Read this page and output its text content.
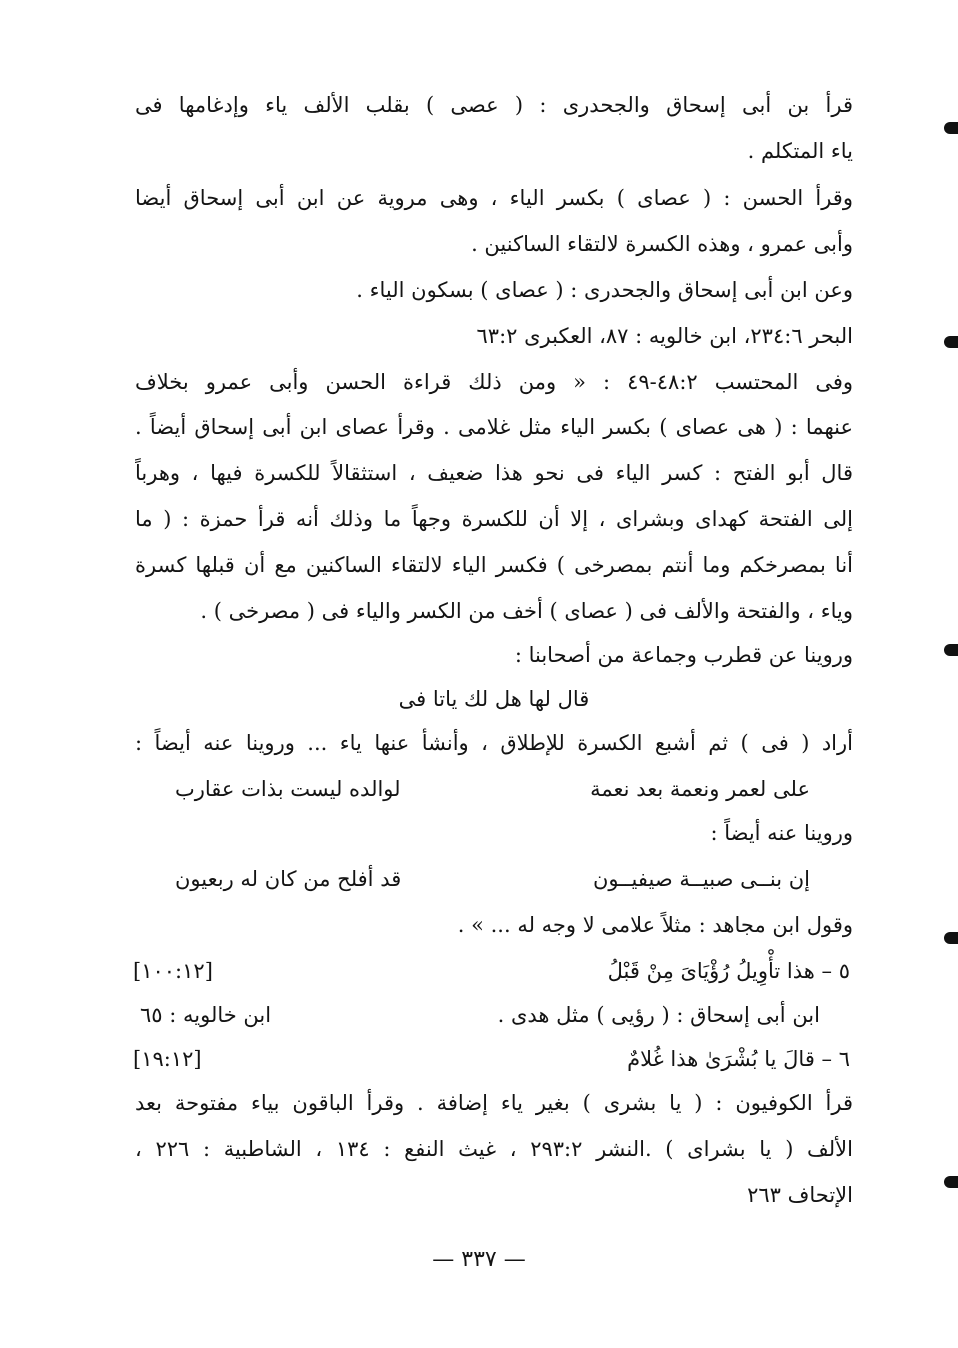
قرأ بن أبى إسحاق والجحدرى : ( عصى ) بقلب الألف ياء وإدغامها فى
ياء المتكلم .
وقرأ الحسن : ( عصاى ) بكسر الياء ، وهى مروية عن ابن أبى إسحاق أيضا
وأبى عمرو ، وهذه الكسرة لالتقاء الساكنين .
وعن ابن أبى إسحاق والجحدرى : ( عصاى ) بسكون الياء .
البحر ٢٣٤:٦، ابن خالويه : ٨٧، العكبرى ٦٣:٢
وفى المحتسب ٤٨:٢-٤٩ : « ومن ذلك قراءة الحسن وأبى عمرو بخلاف
عنهما : ( هى عصاى ) بكسر الياء مثل غلامى . وقرأ عصاى ابن أبى إسحاق أيضاً .
قال أبو الفتح : كسر الياء فى نحو هذا ضعيف ، استثقالاً للكسرة فيها ، وهرباً
إلى الفتحة كهداى وبشراى ، إلا أن للكسرة وجهاً ما وذلك أنه قرأ حمزة : ( ما
أنا بمصرخكم وما أنتم بمصرخى ) فكسر الياء لالتقاء الساكنين مع أن قبلها كسرة
وياء ، والفتحة والألف فى ( عصاى ) أخف من الكسر والياء فى ( مصرخى ) .
وروينا عن قطرب وجماعة من أصحابنا :
قال لها هل لك ياتا فى
أراد ( فى ) ثم أشبع الكسرة للإطلاق ، وأنشأ عنها ياء ... وروينا عنه أيضاً :
على لعمر ونعمة بعد نعمة
لوالده ليست بذات عقارب
وروينا عنه أيضاً :
إن بنــى صبيــة صيفيــون
قد أفلح من كان له ربعيون
وقول ابن مجاهد : مثلاً علامى لا وجه له ... » .
٥ – هذا تأْوِيلُ رُؤْيَاىَ مِنْ قَبْلُ
[١٠٠:١٢]
ابن أبى إسحاق : ( رؤيى ) مثل هدى .
ابن خالويه : ٦٥
٦ – قالَ يا بُشْرَىٰ هذا غُلامٌ
[١٩:١٢]
قرأ الكوفيون : ( يا بشرى ) بغير ياء إضافة . وقرأ الباقون بياء مفتوحة بعد
الألف ( يا بشراى ) .النشر ٢٩٣:٢ ، غيث النفع : ١٣٤ ، الشاطبية : ٢٢٦ ،
الإتحاف ٢٦٣
— ٣٣٧ —
